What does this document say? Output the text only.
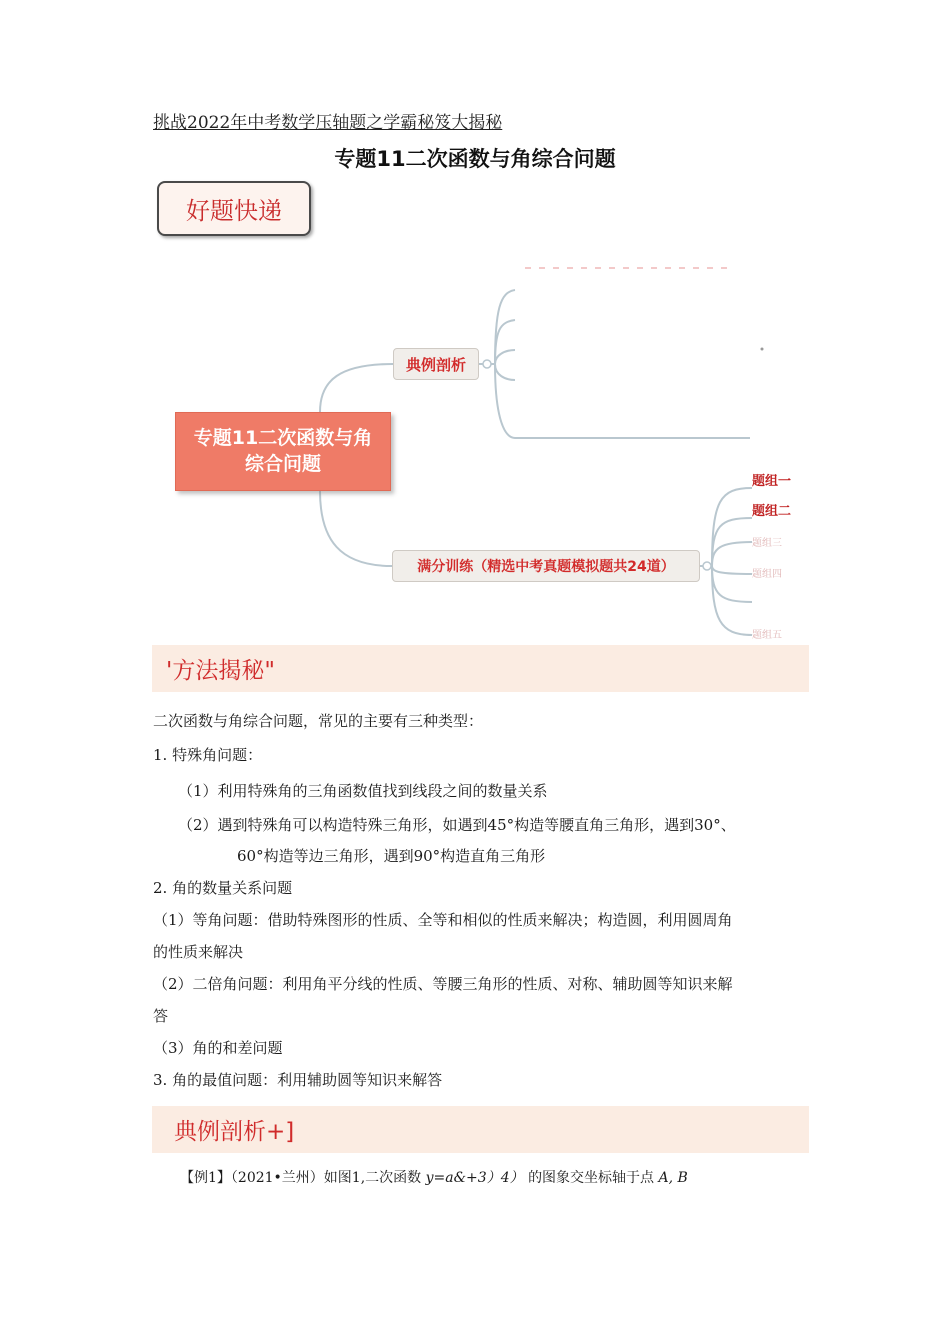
挑战2022年中考数学压轴题之学霸秘笈大揭秘
专题11二次函数与角综合问题
好题快递
专题11二次函数与角综合问题
典例剖析
满分训练（精选中考真题模拟题共24道）
题组一
题组二
题组三
题组四
题组五
'方法揭秘"
二次函数与角综合问题，常见的主要有三种类型：
1. 特殊角问题：
（1）利用特殊角的三角函数值找到线段之间的数量关系
（2）遇到特殊角可以构造特殊三角形，如遇到45°构造等腰直角三角形，遇到30°、
60°构造等边三角形，遇到90°构造直角三角形
2. 角的数量关系问题
（1）等角问题：借助特殊图形的性质、全等和相似的性质来解决；构造圆，利用圆周角
的性质来解决
（2）二倍角问题：利用角平分线的性质、等腰三角形的性质、对称、辅助圆等知识来解
答
（3）角的和差问题
3. 角的最值问题：利用辅助圆等知识来解答
典例剖析+]
【例1】（2021•兰州）如图1,二次函数 y=a&+3）4） 的图象交坐标轴于点 A, B
